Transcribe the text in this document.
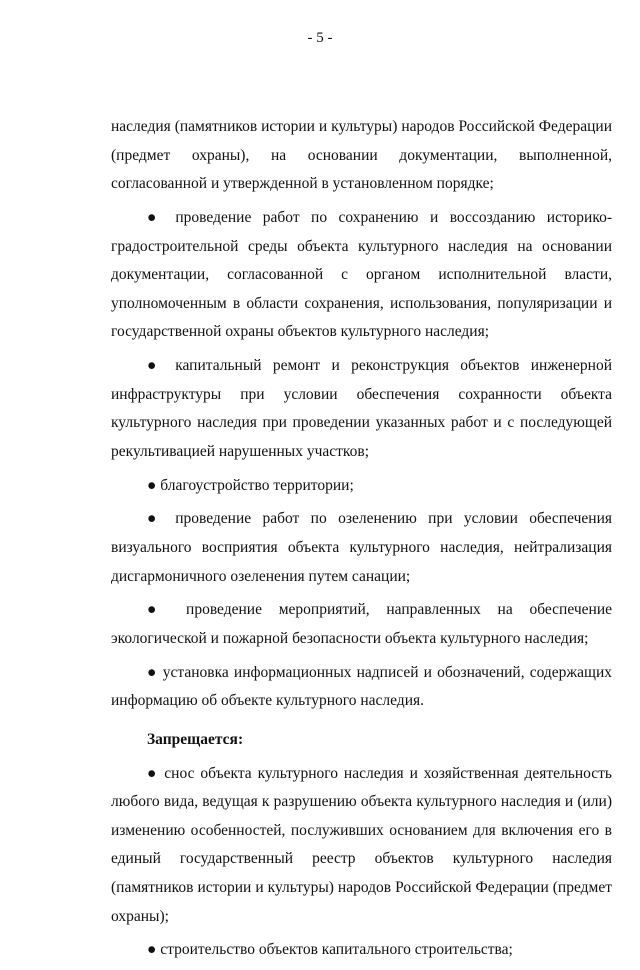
- 5 -

наследия (памятников истории и культуры) народов Российской Федерации (предмет охраны), на основании документации, выполненной, согласованной и утвержденной в установленном порядке;

● проведение работ по сохранению и воссозданию историко-градостроительной среды объекта культурного наследия на основании документации, согласованной с органом исполнительной власти, уполномоченным в области сохранения, использования, популяризации и государственной охраны объектов культурного наследия;

● капитальный ремонт и реконструкция объектов инженерной инфраструктуры при условии обеспечения сохранности объекта культурного наследия при проведении указанных работ и с последующей рекультивацией нарушенных участков;

● благоустройство территории;

● проведение работ по озеленению при условии обеспечения визуального восприятия объекта культурного наследия, нейтрализация дисгармоничного озеленения путем санации;

● проведение мероприятий, направленных на обеспечение экологической и пожарной безопасности объекта культурного наследия;

● установка информационных надписей и обозначений, содержащих информацию об объекте культурного наследия.

Запрещается:

● снос объекта культурного наследия и хозяйственная деятельность любого вида, ведущая к разрушению объекта культурного наследия и (или) изменению особенностей, послуживших основанием для включения его в единый государственный реестр объектов культурного наследия (памятников истории и культуры) народов Российской Федерации (предмет охраны);

● строительство объектов капитального строительства;
